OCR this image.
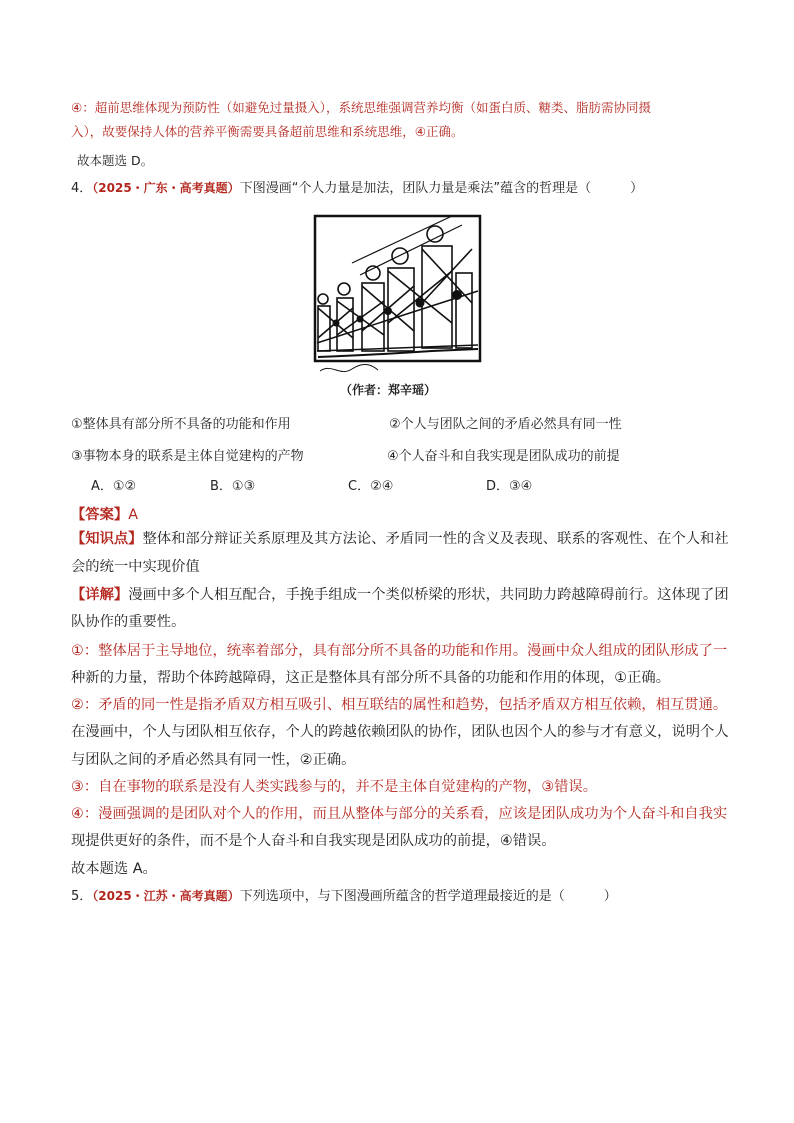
④：超前思维体现为预防性（如避免过量摄入），系统思维强调营养均衡（如蛋白质、糖类、脂肪需协同摄

入），故要保持人体的营养平衡需要具备超前思维和系统思维，④正确。

故本题选 D。

4．（2025・广东・高考真题）下图漫画“个人力量是加法，团队力量是乘法”蕴含的哲理是（　　　）

（作者：郑辛瑶）

①整体具有部分所不具备的功能和作用	②个人与团队之间的矛盾必然具有同一性

③事物本身的联系是主体自觉建构的产物	④个人奋斗和自我实现是团队成功的前提

A．①②	B．①③	C．②④	D．③④

【答案】A

【知识点】整体和部分辩证关系原理及其方法论、矛盾同一性的含义及表现、联系的客观性、在个人和社

会的统一中实现价值

【详解】漫画中多个人相互配合，手挽手组成一个类似桥梁的形状，共同助力跨越障碍前行。这体现了团

队协作的重要性。

①：整体居于主导地位，统率着部分，具有部分所不具备的功能和作用。漫画中众人组成的团队形成了一

种新的力量，帮助个体跨越障碍，这正是整体具有部分所不具备的功能和作用的体现，①正确。

②：矛盾的同一性是指矛盾双方相互吸引、相互联结的属性和趋势，包括矛盾双方相互依赖，相互贯通。

在漫画中，个人与团队相互依存，个人的跨越依赖团队的协作，团队也因个人的参与才有意义，说明个人

与团队之间的矛盾必然具有同一性，②正确。

③：自在事物的联系是没有人类实践参与的，并不是主体自觉建构的产物，③错误。

④：漫画强调的是团队对个人的作用，而且从整体与部分的关系看，应该是团队成功为个人奋斗和自我实

现提供更好的条件，而不是个人奋斗和自我实现是团队成功的前提，④错误。

故本题选 A。

5．（2025・江苏・高考真题）下列选项中，与下图漫画所蕴含的哲学道理最接近的是（　　　）
